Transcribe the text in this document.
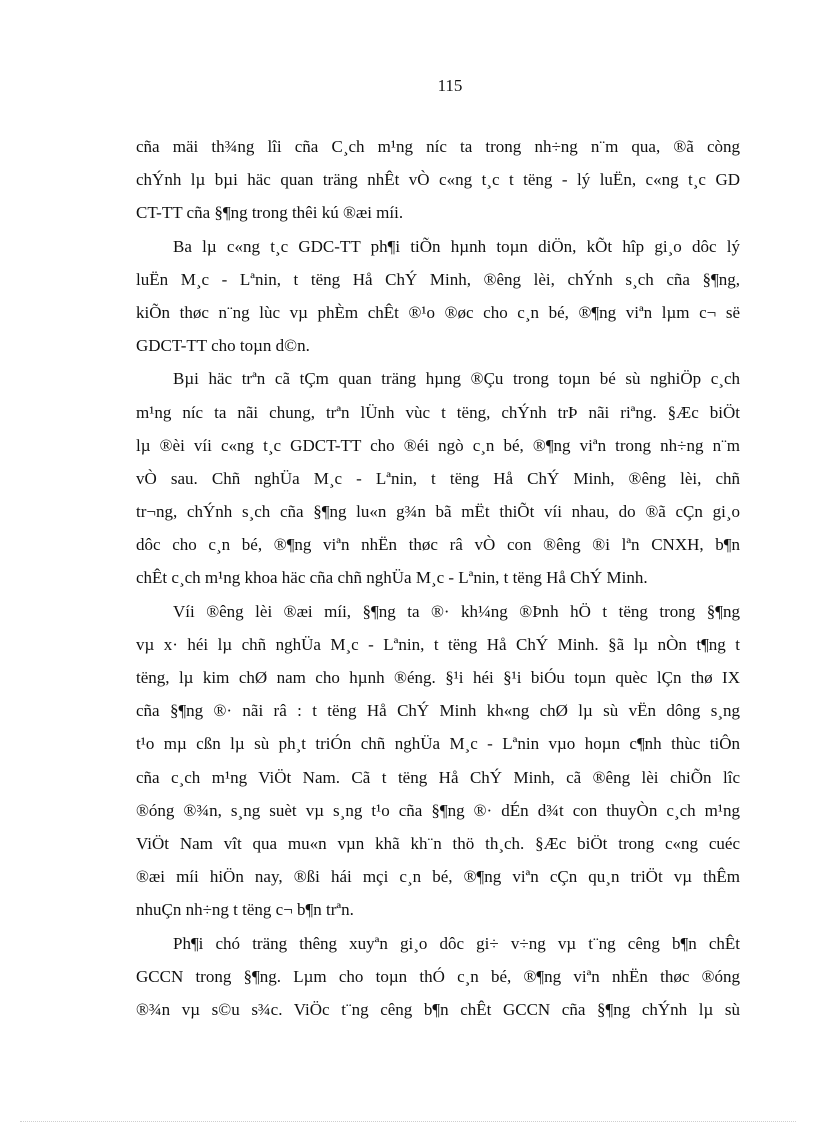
115
cña mäi th¾ng lîi cña C¸ch m¹ng níc ta trong nh÷ng n¨m qua, ®ã còng
chÝnh lµ bµi häc quan träng nhÊt vÒ c«ng t¸c t tëng - lý luËn, c«ng t¸c GD
CT-TT cña §¶ng trong thêi kú ®æi míi.
Ba lµ c«ng t¸c GDC-TT ph¶i tiÕn hµnh toµn diÖn, kÕt hîp gi¸o dôc lý
luËn M¸c - Lªnin, t tëng Hå ChÝ Minh, ®êng lèi, chÝnh s¸ch cña §¶ng,
kiÕn thøc n¨ng lùc vµ phÈm chÊt ®¹o ®øc cho c¸n bé, ®¶ng viªn lµm c¬ së
GDCT-TT cho toµn d©n.
Bµi häc trªn cã tÇm quan träng hµng ®Çu trong toµn bé sù nghiÖp c¸ch
m¹ng níc ta nãi chung, trªn lÜnh vùc t tëng, chÝnh trÞ nãi riªng. §Æc biÖt
lµ ®èi víi c«ng t¸c GDCT-TT cho ®éi ngò c¸n bé, ®¶ng viªn trong nh÷ng n¨m
vÒ sau. Chñ nghÜa M¸c - Lªnin, t tëng Hå ChÝ Minh, ®êng lèi, chñ
tr¬ng, chÝnh s¸ch cña §¶ng lu«n g¾n bã mËt thiÕt víi nhau, do ®ã cÇn gi¸o
dôc cho c¸n bé, ®¶ng viªn nhËn thøc râ vÒ con ®êng ®i lªn CNXH, b¶n
chÊt c¸ch m¹ng khoa häc cña chñ nghÜa M¸c - Lªnin, t tëng Hå ChÝ Minh.
Víi ®êng lèi ®æi míi, §¶ng ta ®· kh¼ng ®Þnh hÖ t tëng trong §¶ng
vµ x· héi lµ chñ nghÜa M¸c - Lªnin, t tëng Hå ChÝ Minh. §ã lµ nÒn t¶ng t
tëng, lµ kim chØ nam cho hµnh ®éng. §¹i héi §¹i biÓu toµn quèc lÇn thø IX
cña §¶ng ®· nãi râ : t tëng Hå ChÝ Minh kh«ng chØ lµ sù vËn dông s¸ng
t¹o mµ cßn lµ sù ph¸t triÓn chñ nghÜa M¸c - Lªnin vµo hoµn c¶nh thùc tiÔn
cña c¸ch m¹ng ViÖt Nam. Cã t tëng Hå ChÝ Minh, cã ®êng lèi chiÕn lîc
®óng ®¾n, s¸ng suèt vµ s¸ng t¹o cña §¶ng ®· dÉn d¾t con thuyÒn c¸ch m¹ng
ViÖt Nam vît qua mu«n vµn khã kh¨n thö th¸ch. §Æc biÖt trong c«ng cuéc
®æi míi hiÖn nay, ®ßi hái mçi c¸n bé, ®¶ng viªn cÇn qu¸n triÖt vµ thÊm
nhuÇn nh÷ng t tëng c¬ b¶n trªn.
Ph¶i chó träng thêng xuyªn gi¸o dôc gi÷ v÷ng vµ t¨ng cêng b¶n chÊt
GCCN trong §¶ng. Lµm cho toµn thÓ c¸n bé, ®¶ng viªn nhËn thøc ®óng
®¾n vµ s©u s¾c. ViÖc t¨ng cêng b¶n chÊt GCCN cña §¶ng chÝnh lµ sù
